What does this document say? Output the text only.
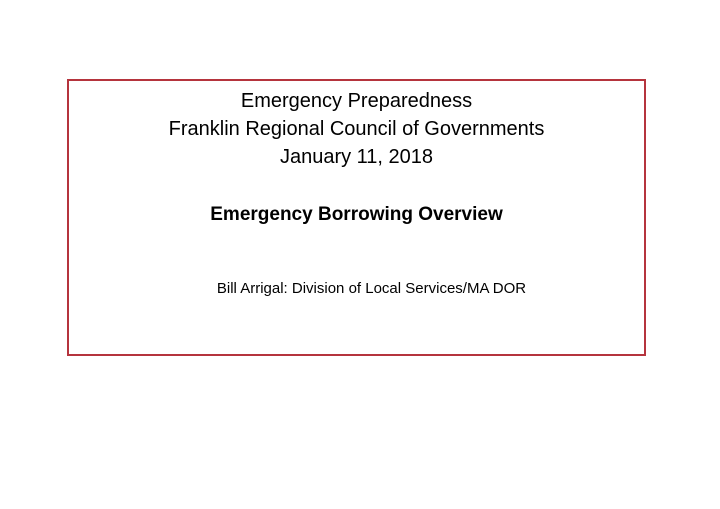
Emergency Preparedness
Franklin Regional Council of Governments
January 11, 2018
Emergency Borrowing Overview
Bill Arrigal: Division of Local Services/MA DOR
